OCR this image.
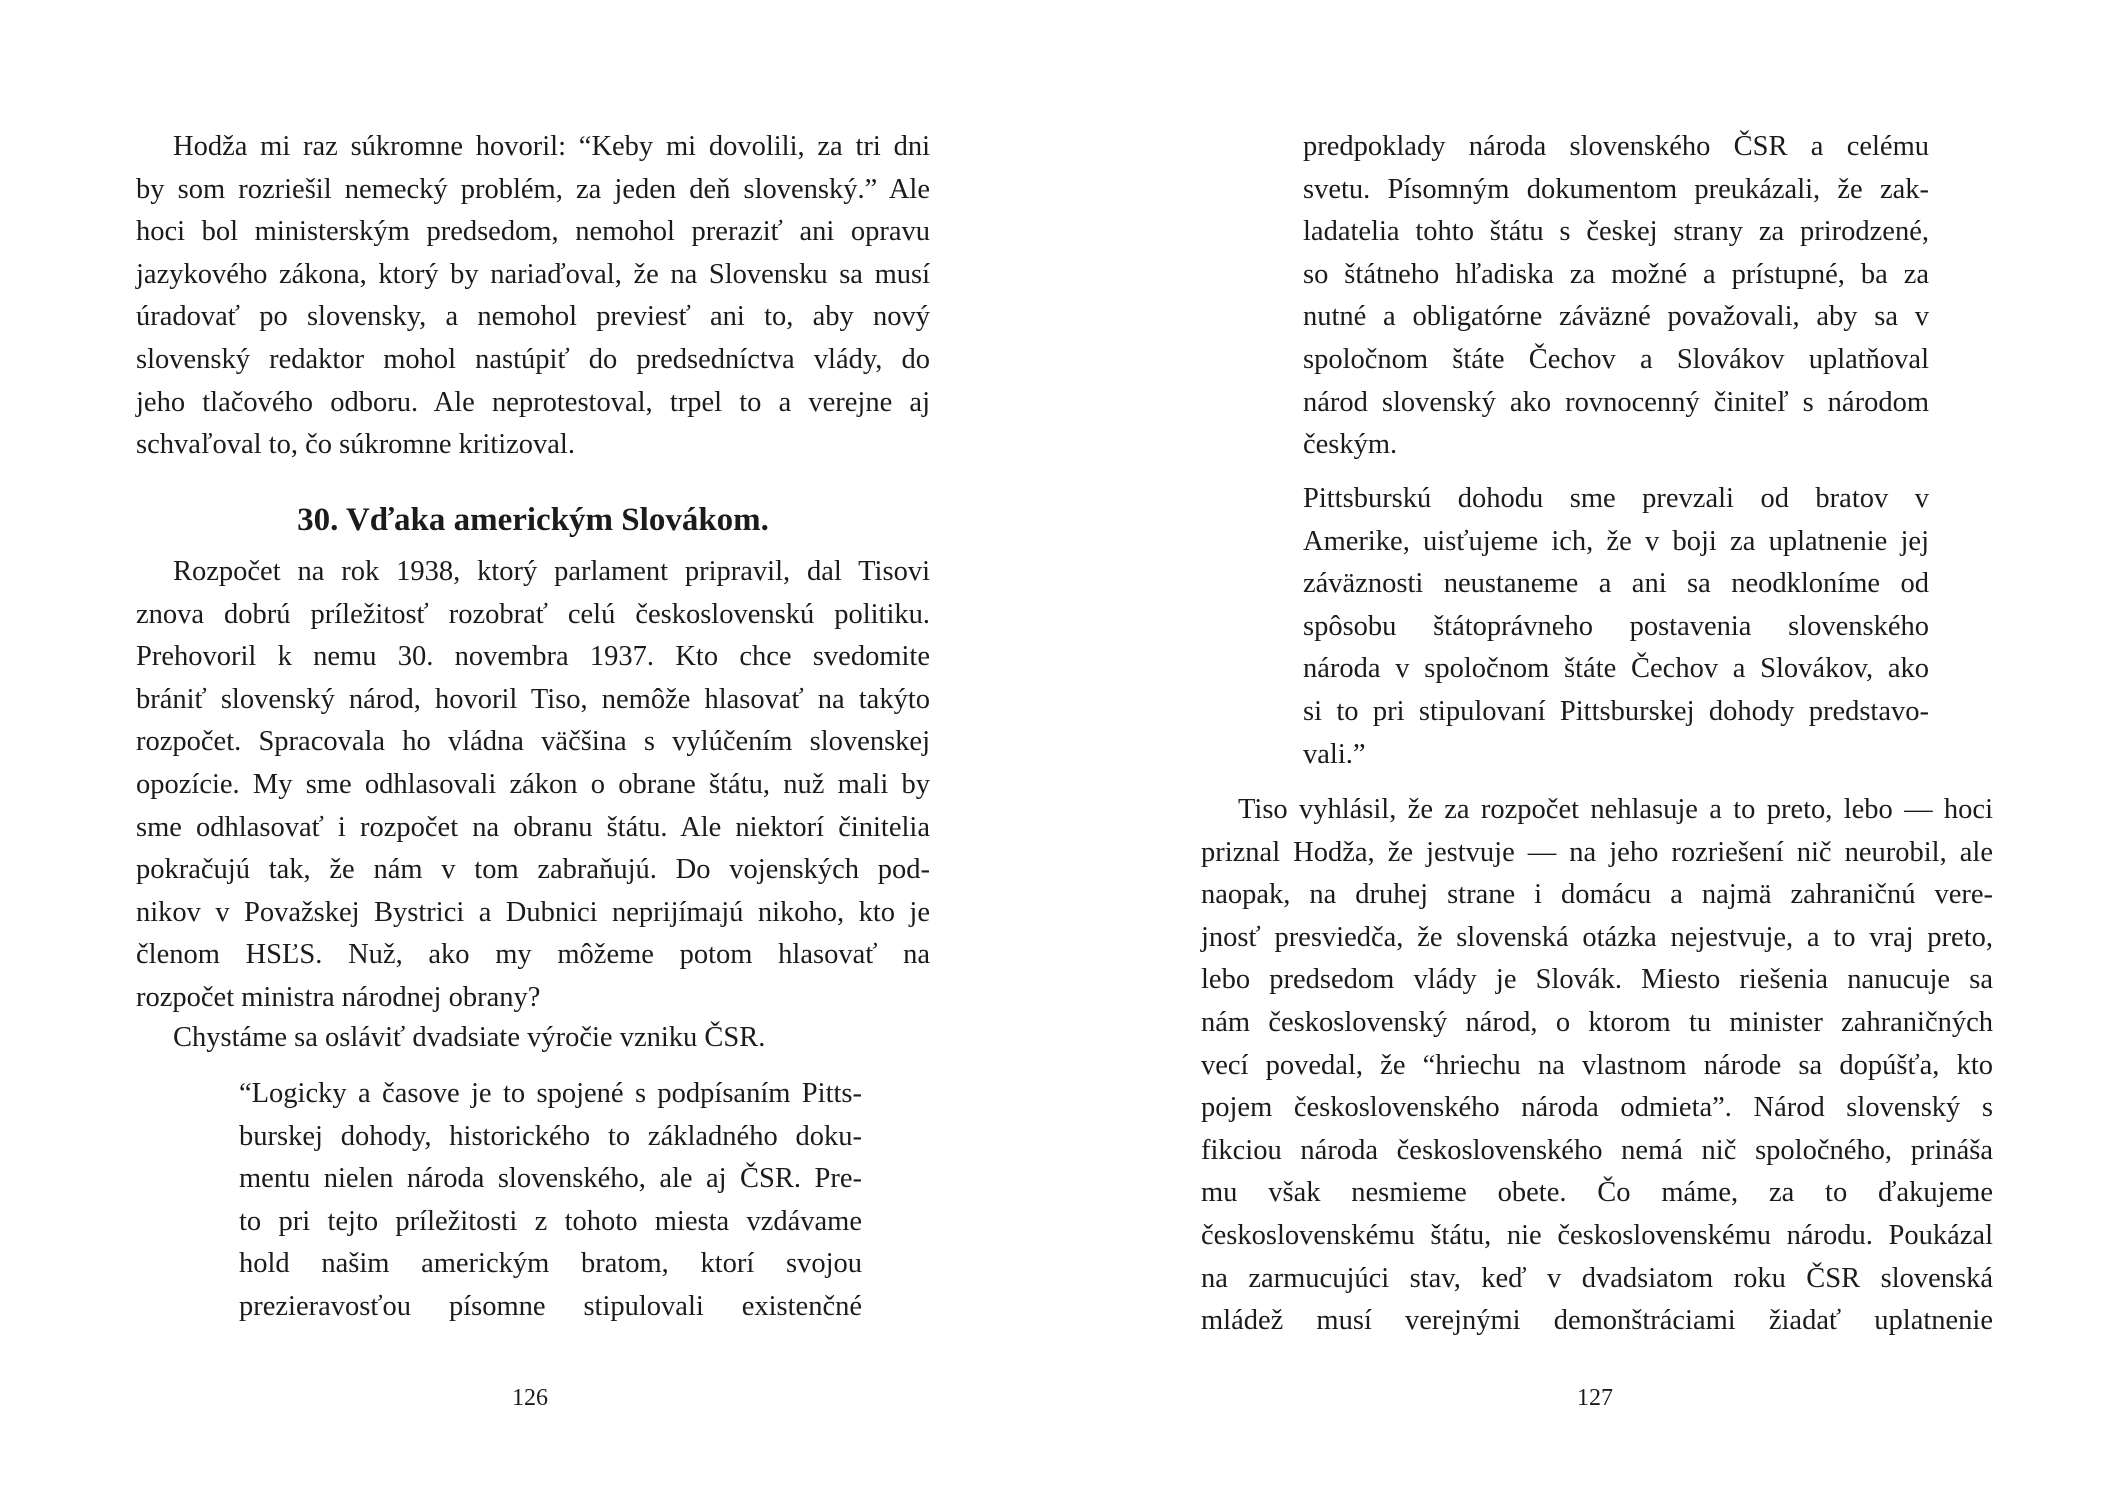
Hodža mi raz súkromne hovoril: “Keby mi dovolili, za tri dni
by som rozriešil nemecký problém, za jeden deň slovenský.” Ale
hoci bol ministerským predsedom, nemohol preraziť ani opravu
jazykového zákona, ktorý by nariaďoval, že na Slovensku sa musí
úradovať po slovensky, a nemohol previesť ani to, aby nový
slovenský redaktor mohol nastúpiť do predsedníctva vlády, do
jeho tlačového odboru. Ale neprotestoval, trpel to a verejne aj
schvaľoval to, čo súkromne kritizoval.
30. Vďaka americkým Slovákom.
Rozpočet na rok 1938, ktorý parlament pripravil, dal Tisovi
znova dobrú príležitosť rozobrať celú československú politiku.
Prehovoril k nemu 30. novembra 1937. Kto chce svedomite
brániť slovenský národ, hovoril Tiso, nemôže hlasovať na takýto
rozpočet. Spracovala ho vládna väčšina s vylúčením slovenskej
opozície. My sme odhlasovali zákon o obrane štátu, nuž mali by
sme odhlasovať i rozpočet na obranu štátu. Ale niektorí činitelia
pokračujú tak, že nám v tom zabraňujú. Do vojenských pod-
nikov v Považskej Bystrici a Dubnici neprijímajú nikoho, kto je
členom HSĽS. Nuž, ako my môžeme potom hlasovať na
rozpočet ministra národnej obrany?
Chystáme sa osláviť dvadsiate výročie vzniku ČSR.
“Logicky a časove je to spojené s podpísaním Pitts-
burskej dohody, historického to základného doku-
mentu nielen národa slovenského, ale aj ČSR. Pre-
to pri tejto príležitosti z tohoto miesta vzdávame
hold našim americkým bratom, ktorí svojou
prezieravosťou písomne stipulovali existenčné
126
predpoklady národa slovenského ČSR a celému
svetu. Písomným dokumentom preukázali, že zak-
ladatelia tohto štátu s českej strany za prirodzené,
so štátneho hľadiska za možné a prístupné, ba za
nutné a obligatórne záväzné považovali, aby sa v
spoločnom štáte Čechov a Slovákov uplatňoval
národ slovenský ako rovnocenný činiteľ s národom
českým.
Pittsburskú dohodu sme prevzali od bratov v
Amerike, uisťujeme ich, že v boji za uplatnenie jej
záväznosti neustaneme a ani sa neodkloníme od
spôsobu štátoprávneho postavenia slovenského
národa v spoločnom štáte Čechov a Slovákov, ako
si to pri stipulovaní Pittsburskej dohody predstavo-
vali.”
Tiso vyhlásil, že za rozpočet nehlasuje a to preto, lebo — hoci
priznal Hodža, že jestvuje — na jeho rozriešení nič neurobil, ale
naopak, na druhej strane i domácu a najmä zahraničnú vere-
jnosť presviedča, že slovenská otázka nejestvuje, a to vraj preto,
lebo predsedom vlády je Slovák. Miesto riešenia nanucuje sa
nám československý národ, o ktorom tu minister zahraničných
vecí povedal, že “hriechu na vlastnom národe sa dopúšťa, kto
pojem československého národa odmieta”. Národ slovenský s
fikciou národa československého nemá nič spoločného, prináša
mu však nesmieme obete. Čo máme, za to ďakujeme
československému štátu, nie československému národu. Poukázal
na zarmucujúci stav, keď v dvadsiatom roku ČSR slovenská
mládež musí verejnými demonštráciami žiadať uplatnenie
127
